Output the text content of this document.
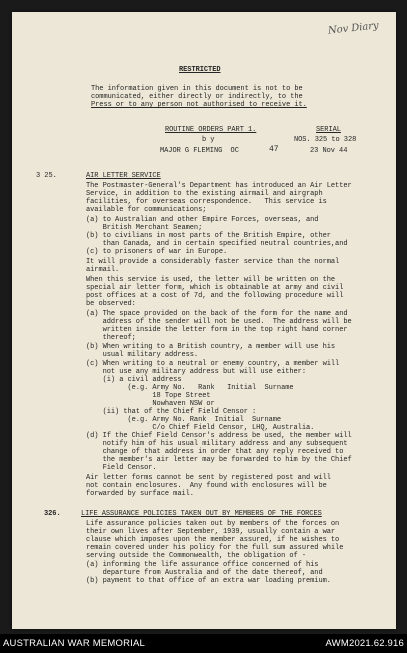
Nov Diary
RESTRICTED
The information given in this document is not to be
communicated, either directly or indirectly, to the
Press or to any person not authorised to receive it.
ROUTINE ORDERS PART 1.
b y
MAJOR G FLEMING  OC	47
SERIAL
NOS. 325 to 328
23 Nov 44
3 25.	AIR LETTER SERVICE
The Postmaster-General's Department has introduced an Air Letter
Service, in addition to the existing airmail and airgraph
facilities, for overseas correspondence.   This service is
available for communications;
(a) to Australian and other Empire Forces, overseas, and
British Merchant Seamen;
(b) to civilians in most parts of the British Empire, other
than Canada, and in certain specified neutral countries,and
(c) to prisoners of war in Europe.
It will provide a considerably faster service than the normal
airmail.
When this service is used, the letter will be written on the
special air letter form, which is obtainable at army and civil
post offices at a cost of 7d, and the following procedure will
be observed:
(a) The space provided on the back of the form for the name and
address of the sender will not be used.  The address will be
written inside the letter form in the top right hand corner
thereof;
(b) When writing to a British country, a member will use his
usual military address.
(c) When writing to a neutral or enemy country, a member will
not use any military address but will use either:
(i) a civil address
(e.g. Army No.   Rank   Initial  Surname
18 Tope Street
Nowhaven NSW or
(ii) that of the Chief Field Censor :
(e.g. Army No. Rank  Initial  Surname
C/o Chief Field Censor, LHQ, Australia.
(d) If the Chief Field Censor's address be used, the member will
notify him of his usual military address and any subsequent
change of that address in order that any reply received to
the member's air letter may be forwarded to him by the Chief
Field Censor.
Air letter forms cannot be sent by registered post and will
not contain enclosures.  Any found with enclosures will be
forwarded by surface mail.
326.	LIFE ASSURANCE POLICIES TAKEN OUT BY MEMBERS OF THE FORCES
Life assurance policies taken out by members of the forces on
their own lives after September, 1939, usually contain a war
clause which imposes upon the member assured, if he wishes to
remain covered under his policy for the full sum assured while
serving outside the Commonwealth, the obligation of -
(a) informing the life assurance office concerned of his
departure from Australia and of the date thereof, and
(b) payment to that office of an extra war loading premium.
AUSTRALIAN WAR MEMORIAL	AWM2021.62.916
